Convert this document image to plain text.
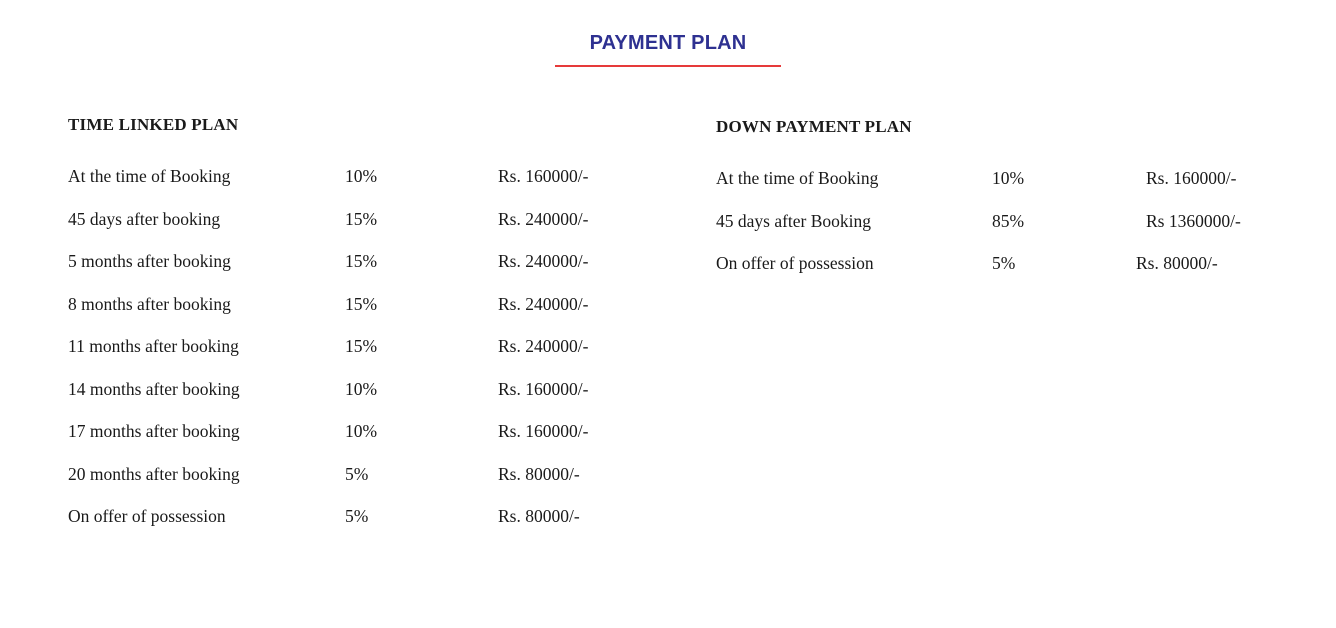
PAYMENT PLAN
TIME LINKED PLAN
At the time of Booking	10%	Rs. 160000/-
45 days after booking	15%	Rs. 240000/-
5 months after booking	15%	Rs. 240000/-
8 months after booking	15%	Rs. 240000/-
11 months after booking	15%	Rs. 240000/-
14 months after booking	10%	Rs. 160000/-
17 months after booking	10%	Rs. 160000/-
20 months after booking	5%	Rs. 80000/-
On offer of possession	5%	Rs. 80000/-
DOWN PAYMENT PLAN
At the time of Booking	10%	Rs. 160000/-
45 days after Booking	85%	Rs 1360000/-
On offer of possession	5%	Rs. 80000/-
